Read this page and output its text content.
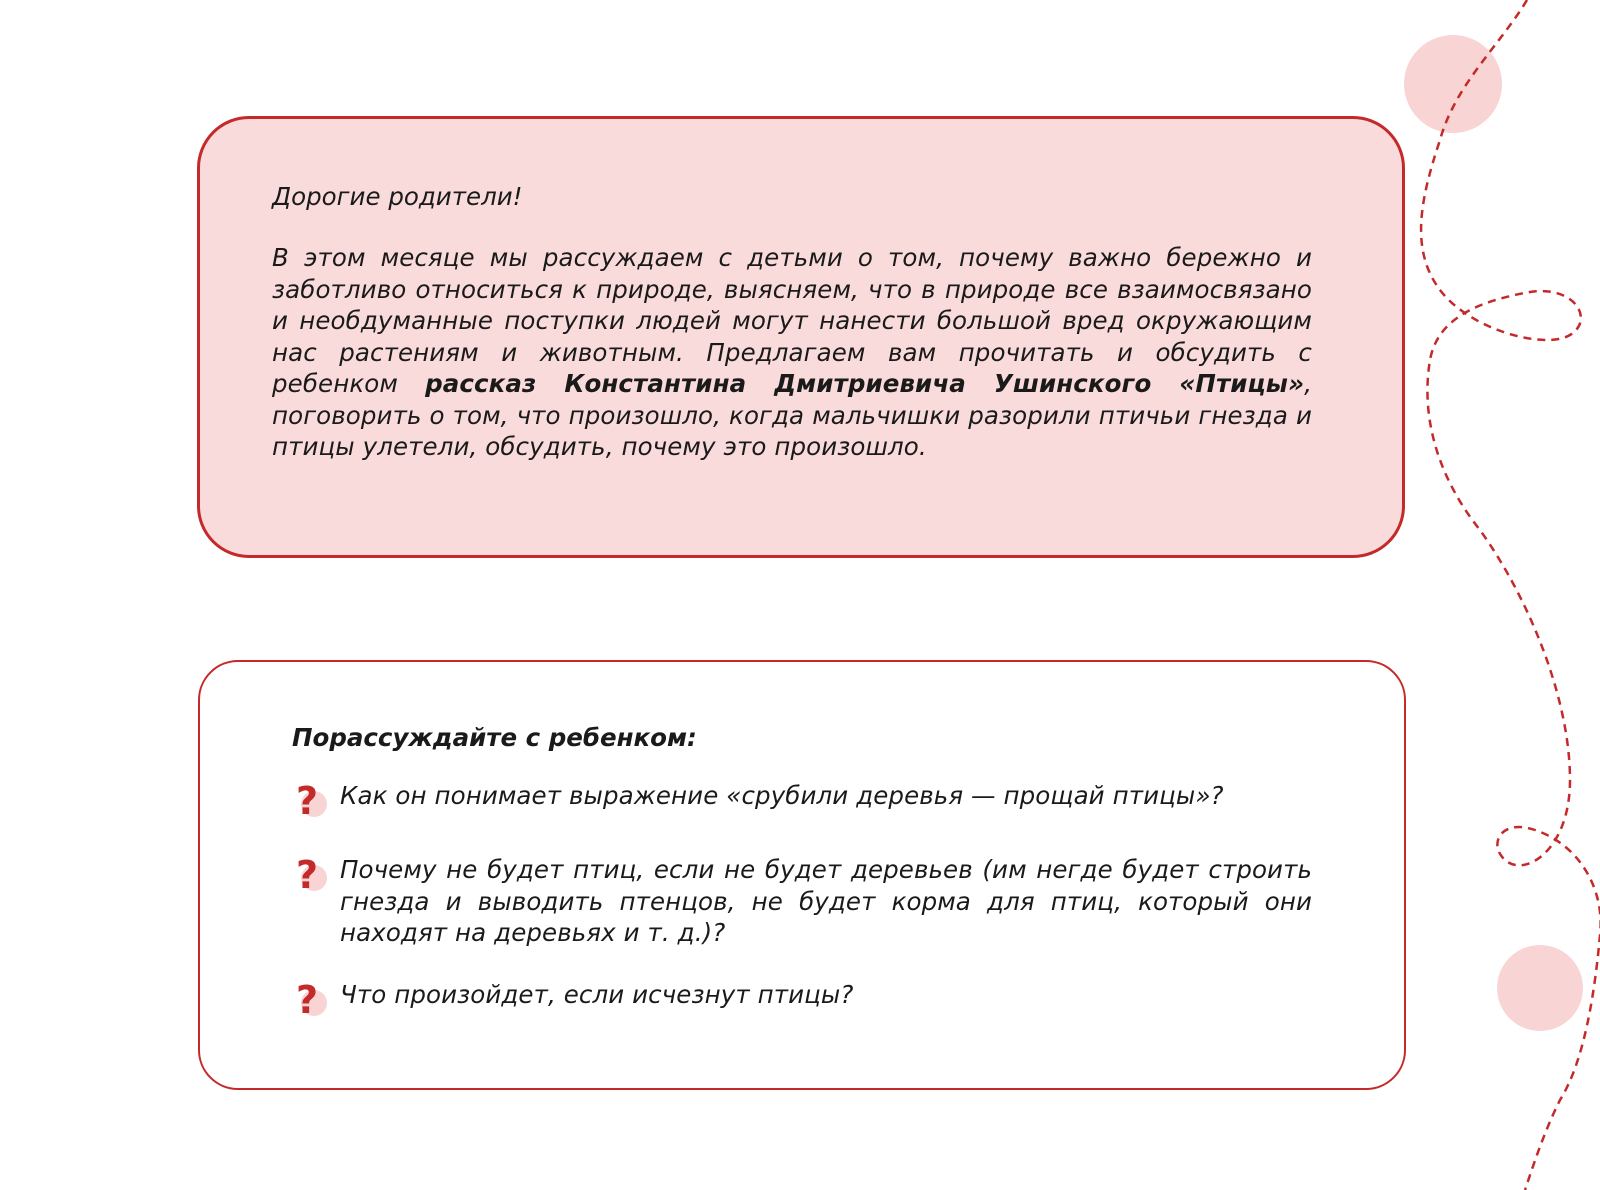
Дорогие родители!

В этом месяце мы рассуждаем с детьми о том, почему важно бережно и заботливо относиться к природе, выясняем, что в природе все взаимосвязано и необдуманные поступки людей могут нанести большой вред окружающим нас растениям и животным. Предлагаем вам прочитать и обсудить с ребенком рассказ Константина Дмитриевича Ушинского «Птицы», поговорить о том, что произошло, когда мальчишки разорили птичьи гнезда и птицы улетели, обсудить, почему это произошло.

Порассуждайте с ребенком:

? Как он понимает выражение «срубили деревья — прощай птицы»?
? Почему не будет птиц, если не будет деревьев (им негде будет строить гнезда и выводить птенцов, не будет корма для птиц, который они находят на деревьях и т. д.)?
? Что произойдет, если исчезнут птицы?
